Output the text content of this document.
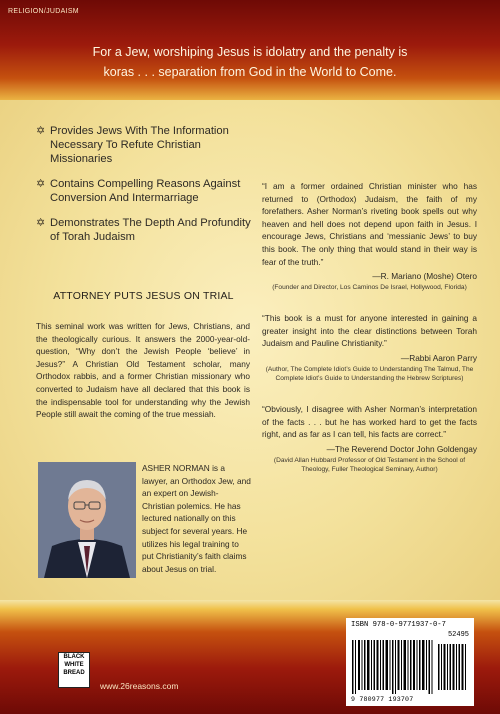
RELIGION/JUDAISM
For a Jew, worshiping Jesus is idolatry and the penalty is
koras . . . separation from God in the World to Come.
✡ Provides Jews With The Information Necessary To Refute Christian Missionaries
✡ Contains Compelling Reasons Against Conversion And Intermarriage
✡ Demonstrates The Depth And Profundity of Torah Judaism
ATTORNEY PUTS JESUS ON TRIAL
This seminal work was written for Jews, Christians, and the theologically curious. It answers the 2000-year-old-question, “Why don’t the Jewish People ‘believe’ in Jesus?” A Christian Old Testament scholar, many Orthodox rabbis, and a former Christian missionary who converted to Judaism have all declared that this book is the indispensable tool for understanding why the Jewish People still await the coming of the true messiah.
ASHER NORMAN is a lawyer, an Orthodox Jew, and an expert on Jewish-Christian polemics. He has lectured nationally on this subject for several years. He utilizes his legal training to put Christianity’s faith claims about Jesus on trial.
“I am a former ordained Christian minister who has returned to (Orthodox) Judaism, the faith of my forefathers. Asher Norman’s riveting book spells out why heaven and hell does not depend upon faith in Jesus. I encourage Jews, Christians and ‘messianic Jews’ to buy this book. The only thing that would stand in their way is fear of the truth.”
—R. Mariano (Moshe) Otero
(Founder and Director, Los Caminos De Israel, Hollywood, Florida)
“This book is a must for anyone interested in gaining a greater insight into the clear distinctions between Torah Judaism and Pauline Christianity.”
—Rabbi Aaron Parry
(Author, The Complete Idiot’s Guide to Understanding The Talmud, The Complete Idiot’s Guide to Understanding the Hebrew Scriptures)
“Obviously, I disagree with Asher Norman’s interpretation of the facts . . . but he has worked hard to get the facts right, and as far as I can tell, his facts are correct.”
—The Reverend Doctor John Goldengay
(David Allan Hubbard Professor of Old Testament in the School of Theology, Fuller Theological Seminary, Author)
BLACK
WHITE
BREAD
www.26reasons.com
ISBN 978-0-9771937-0-7
52495
9 780977 193707
